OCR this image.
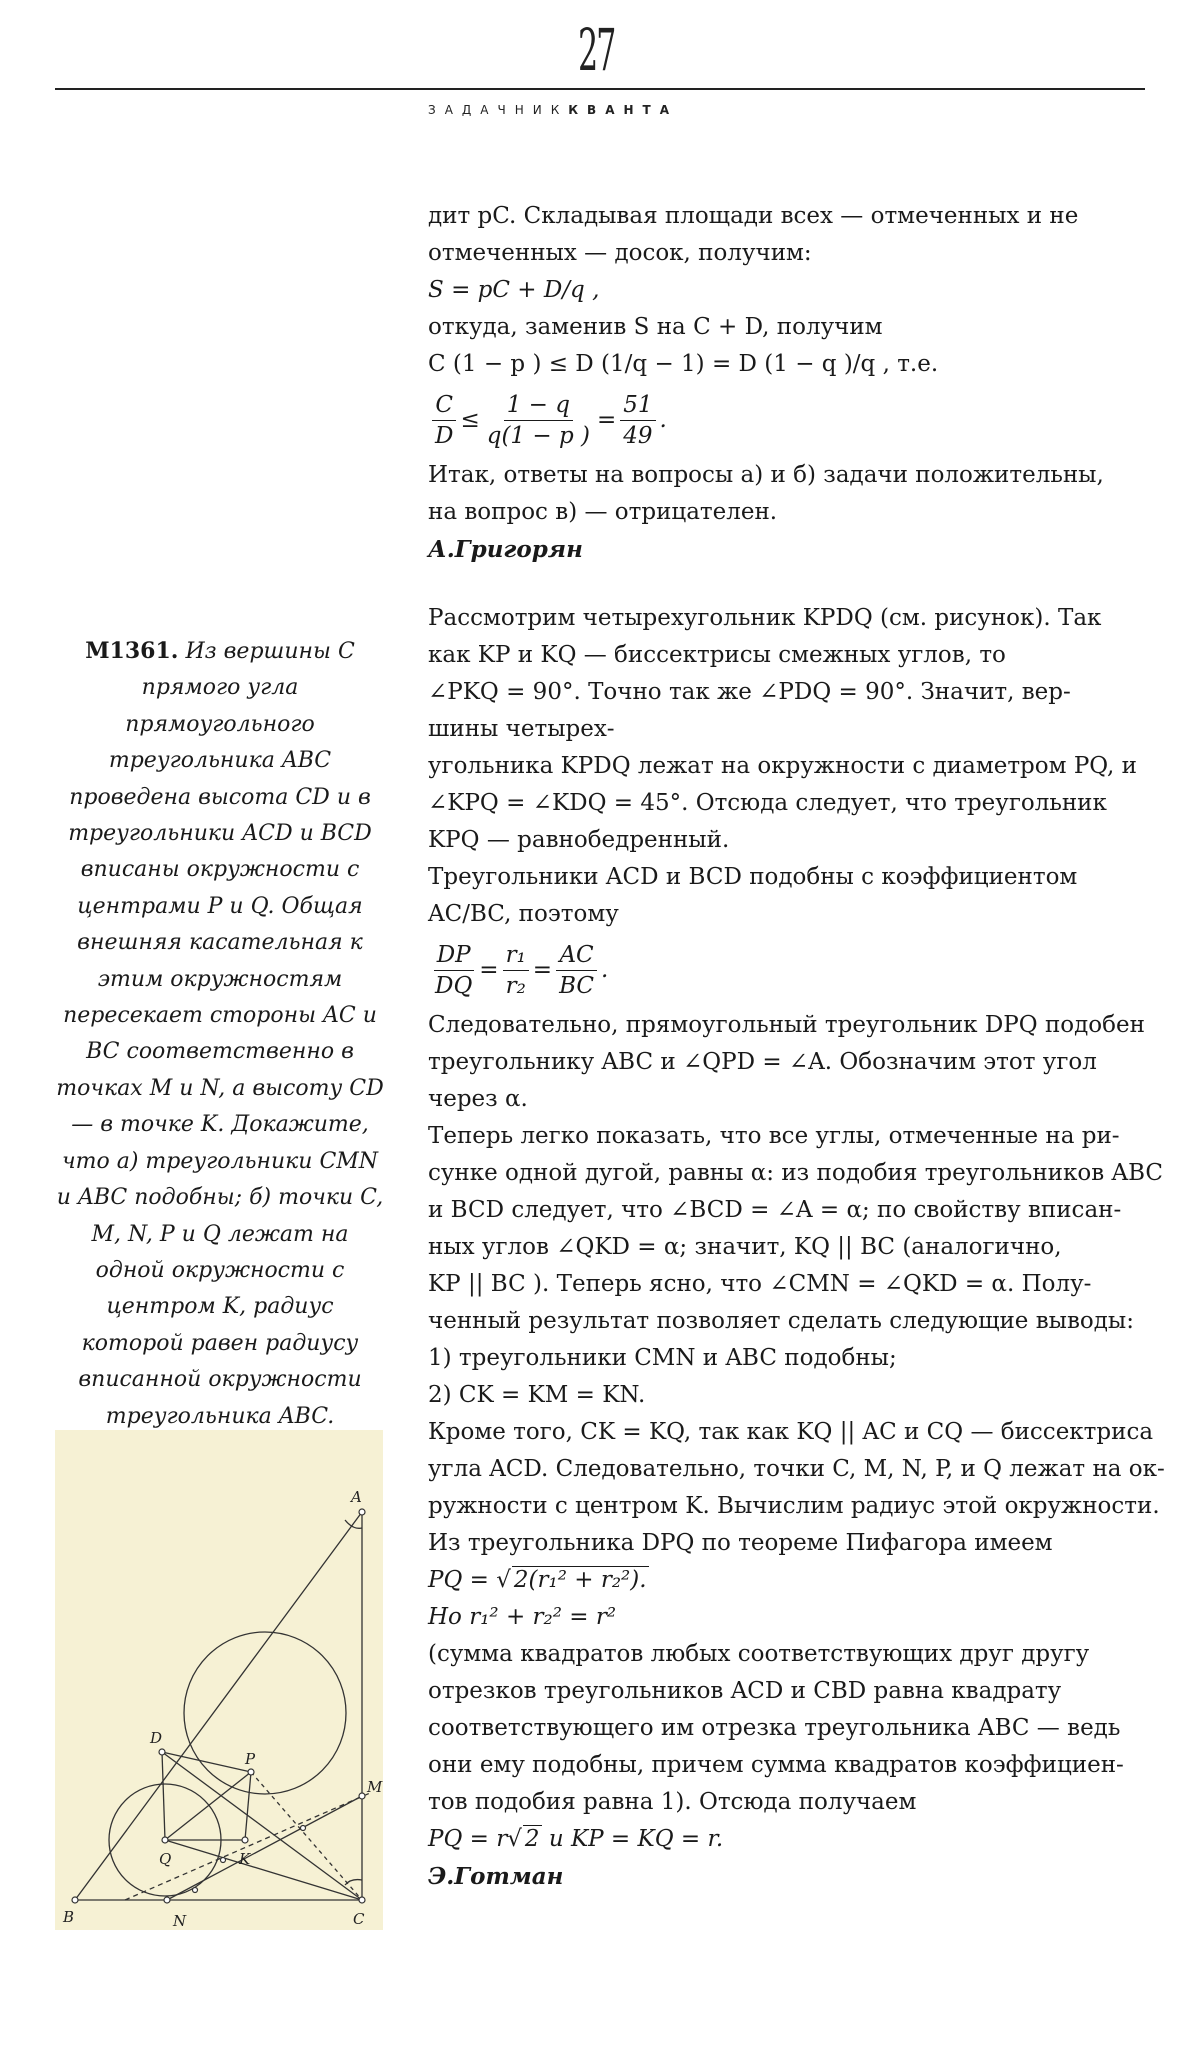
27
ЗАДАЧНИККВАНТА

дит pC. Складывая площади всех — отмеченных и не

отмеченных — досок, получим:

S = pC + D/q ,

откуда, заменив S на C + D, получим

C (1 − p ) ≤ D (1/q − 1) = D (1 − q )/q , т.е.

$\frac{C}{D} \le \frac{1 - q}{q(1 - p )} = \frac{51}{49}$ .

Итак, ответы на вопросы а) и б) задачи положительны,

на вопрос в) — отрицателен.

А.Григорян

Рассмотрим четырехугольник KPDQ (см. рисунок). Так

как KP и KQ — биссектрисы смежных углов, то

∠PKQ = 90°. Точно так же ∠PDQ = 90°. Значит, вер-

шины четырех-

угольника KPDQ лежат на окружности с диаметром PQ, и

∠KPQ = ∠KDQ = 45°. Отсюда следует, что треугольник

KPQ — равнобедренный.

Треугольники ACD и BCD подобны с коэффициентом

AC/BC, поэтому

$\frac{DP}{DQ} = \frac{\text{r₁}}{\text{r₂}} = \frac{AC}{BC}$ .

Следовательно, прямоугольный треугольник DPQ подобен

треугольнику ABC и ∠QPD = ∠A. Обозначим этот угол

через α.

Теперь легко показать, что все углы, отмеченные на ри-

сунке одной дугой, равны α: из подобия треугольников ABC

и BCD следует, что ∠BCD = ∠A = α; по свойству вписан-

ных углов ∠QKD = α; значит, KQ || BC (аналогично,

KP || BC ). Теперь ясно, что ∠CMN = ∠QKD = α. Полу-

ченный результат позволяет сделать следующие выводы:

1) треугольники CMN и ABC подобны;

2) CK = KM = KN.

Кроме того, CK = KQ, так как KQ || AC и CQ — биссектриса

угла ACD. Следовательно, точки C, M, N, P, и Q лежат на ок-

ружности с центром K. Вычислим радиус этой окружности.

Из треугольника DPQ по теореме Пифагора имеем

PQ = √ 2(r₁² + r₂²).

Но r₁² + r₂² = r²

(сумма квадратов любых соответствующих друг другу

отрезков треугольников ACD и CBD равна квадрату

соответствующего им отрезка треугольника ABC — ведь

они ему подобны, причем сумма квадратов коэффициен-

тов подобия равна 1). Отсюда получаем

PQ = r√ 2 и KP = KQ = r.

Э.Готман

M1361. Из вершины C прямого угла прямоугольного треугольника ABC проведена высота CD и в треугольники ACD и BCD вписаны окружности с центрами P и Q. Общая внешняя касательная к этим окружностям пересекает стороны AC и BC соответственно в точках M и N, а высоту CD — в точке K. Докажите, что а) треугольники CMN и ABC подобны; б) точки C, M, N, P и Q лежат на одной окружности с центром K, радиус которой равен радиусу вписанной окружности треугольника ABC.
B	C
A
D
Q
P
K
M
N
